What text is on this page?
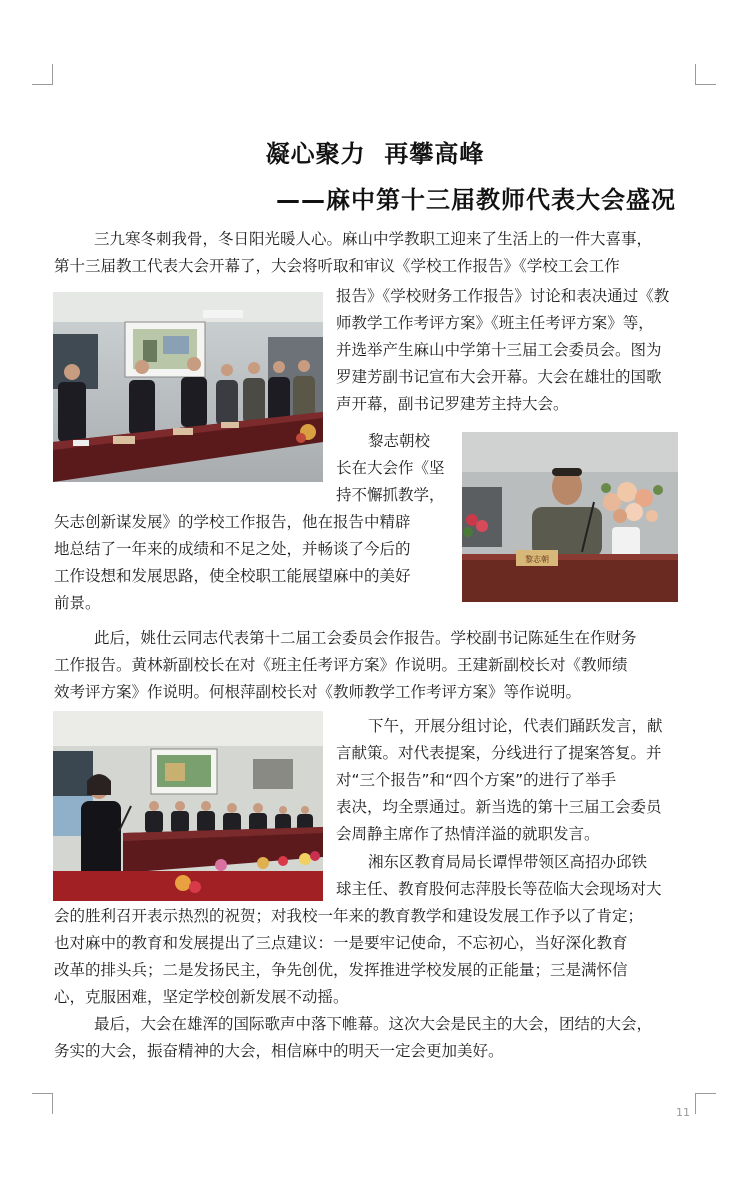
凝心聚力  再攀高峰
——麻中第十三届教师代表大会盛况
三九寒冬刺我骨，冬日阳光暖人心。麻山中学教职工迎来了生活上的一件大喜事，
第十三届教工代表大会开幕了，大会将听取和审议《学校工作报告》《学校工会工作
报告》《学校财务工作报告》讨论和表决通过《教
师教学工作考评方案》《班主任考评方案》等，
并选举产生麻山中学第十三届工会委员会。图为
罗建芳副书记宣布大会开幕。大会在雄壮的国歌
声开幕，副书记罗建芳主持大会。
黎志朝校
长在大会作《坚
持不懈抓教学，
矢志创新谋发展》的学校工作报告，他在报告中精辟
地总结了一年来的成绩和不足之处，并畅谈了今后的
工作设想和发展思路，使全校职工能展望麻中的美好
前景。
黎志朝
此后，姚仕云同志代表第十二届工会委员会作报告。学校副书记陈延生在作财务
工作报告。黄林新副校长在对《班主任考评方案》作说明。王建新副校长对《教师绩
效考评方案》作说明。何根萍副校长对《教师教学工作考评方案》等作说明。
下午，开展分组讨论，代表们踊跃发言，献
言献策。对代表提案，分线进行了提案答复。并
对“三个报告”和“四个方案”的进行了举手
表决，均全票通过。新当选的第十三届工会委员
会周静主席作了热情洋溢的就职发言。
湘东区教育局局长谭悍带领区高招办邱铁
球主任、教育股何志萍股长等莅临大会现场对大
会的胜利召开表示热烈的祝贺；对我校一年来的教育教学和建设发展工作予以了肯定；
也对麻中的教育和发展提出了三点建议：一是要牢记使命，不忘初心，当好深化教育
改革的排头兵；二是发扬民主，争先创优，发挥推进学校发展的正能量；三是满怀信
心，克服困难，坚定学校创新发展不动摇。
最后，大会在雄浑的国际歌声中落下帷幕。这次大会是民主的大会，团结的大会，
务实的大会，振奋精神的大会，相信麻中的明天一定会更加美好。
11
